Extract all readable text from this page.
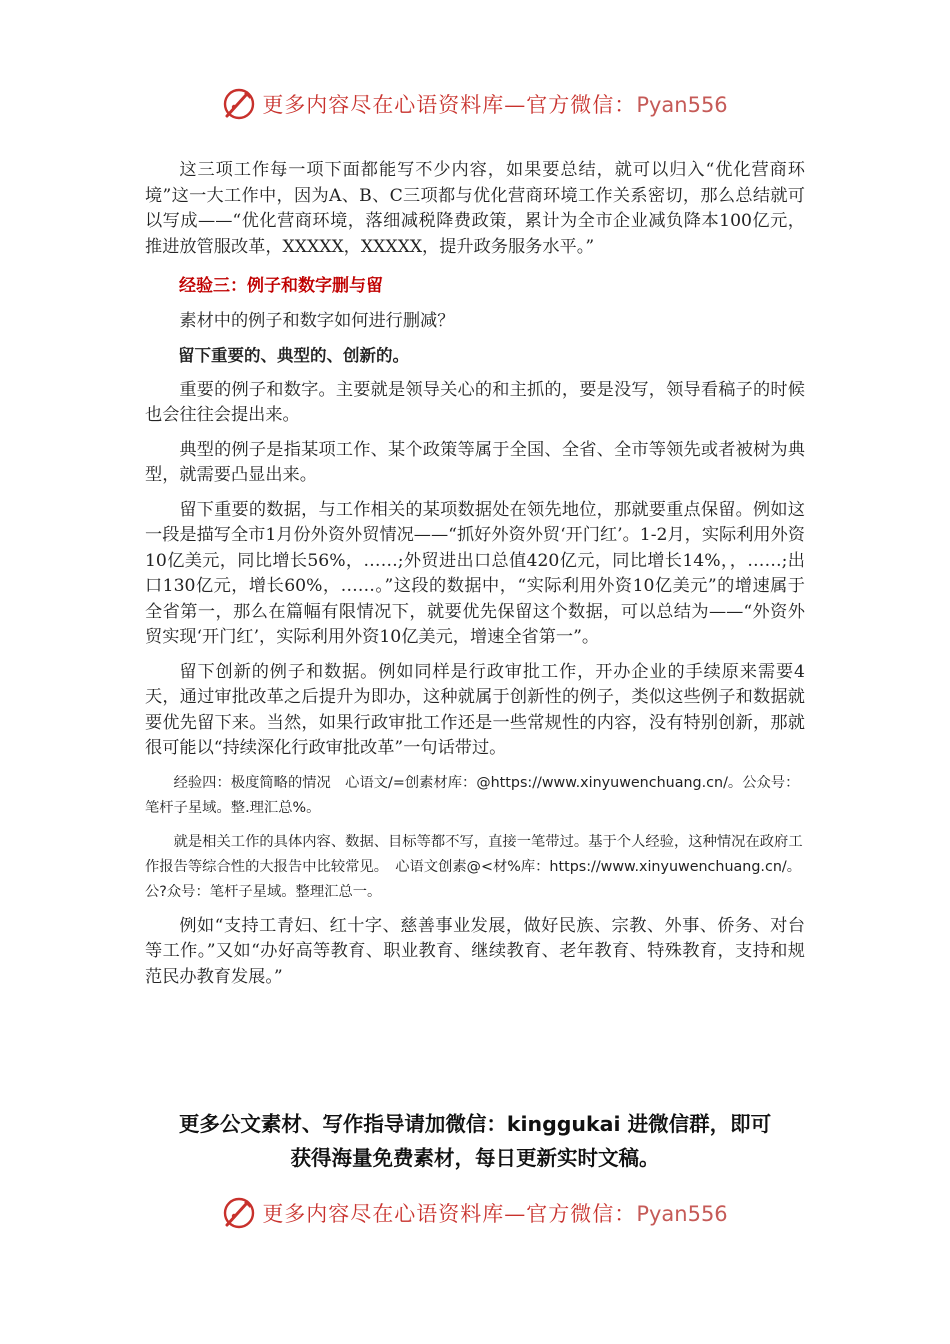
更多内容尽在心语资料库—官方微信：Pyan556

这三项工作每一项下面都能写不少内容，如果要总结，就可以归入“优化营商环境”这一大工作中，因为A、B、C三项都与优化营商环境工作关系密切，那么总结就可以写成——“优化营商环境，落细减税降费政策，累计为全市企业减负降本100亿元，推进放管服改革，XXXXX，XXXXX，提升政务服务水平。”

经验三：例子和数字删与留

素材中的例子和数字如何进行删减？

留下重要的、典型的、创新的。

重要的例子和数字。主要就是领导关心的和主抓的，要是没写，领导看稿子的时候也会往往会提出来。

典型的例子是指某项工作、某个政策等属于全国、全省、全市等领先或者被树为典型，就需要凸显出来。

留下重要的数据，与工作相关的某项数据处在领先地位，那就要重点保留。例如这一段是描写全市1月份外资外贸情况——“抓好外资外贸‘开门红’。1-2月，实际利用外资10亿美元，同比增长56%，……;外贸进出口总值420亿元，同比增长14%，，……;出口130亿元，增长60%，……。”这段的数据中，“实际利用外资10亿美元”的增速属于全省第一，那么在篇幅有限情况下，就要优先保留这个数据，可以总结为——“外资外贸实现‘开门红’，实际利用外资10亿美元，增速全省第一”。

留下创新的例子和数据。例如同样是行政审批工作，开办企业的手续原来需要4天，通过审批改革之后提升为即办，这种就属于创新性的例子，类似这些例子和数据就要优先留下来。当然，如果行政审批工作还是一些常规性的内容，没有特别创新，那就很可能以“持续深化行政审批改革”一句话带过。

经验四：极度简略的情况　心语文/=创素材库：@https://www.xinyuwenchuang.cn/。公众号：笔杆子星域。整.理汇总%。

就是相关工作的具体内容、数据、目标等都不写，直接一笔带过。基于个人经验，这种情况在政府工作报告等综合性的大报告中比较常见。　心语文创素@<材%库：https://www.xinyuwenchuang.cn/。公?众号：笔杆子星域。整理汇总一。

例如“支持工青妇、红十字、慈善事业发展，做好民族、宗教、外事、侨务、对台等工作。”又如“办好高等教育、职业教育、继续教育、老年教育、特殊教育，支持和规范民办教育发展。”

更多公文素材、写作指导请加微信：kinggukai 进微信群，即可
获得海量免费素材，每日更新实时文稿。
更多内容尽在心语资料库—官方微信：Pyan556
